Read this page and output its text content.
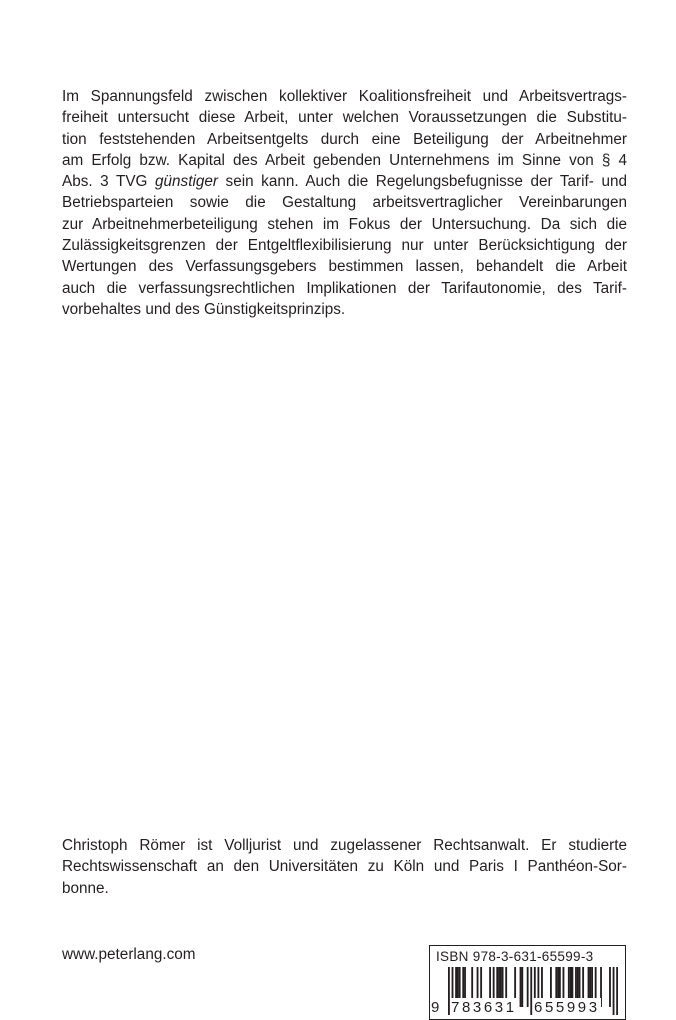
Im Spannungsfeld zwischen kollektiver Koalitionsfreiheit und Arbeitsvertrags-
freiheit untersucht diese Arbeit, unter welchen Voraussetzungen die Substitu-
tion feststehenden Arbeitsentgelts durch eine Beteiligung der Arbeitnehmer
am Erfolg bzw. Kapital des Arbeit gebenden Unternehmens im Sinne von § 4
Abs. 3 TVG günstiger sein kann. Auch die Regelungsbefugnisse der Tarif- und
Betriebsparteien sowie die Gestaltung arbeitsvertraglicher Vereinbarungen
zur Arbeitnehmerbeteiligung stehen im Fokus der Untersuchung. Da sich die
Zulässigkeitsgrenzen der Entgeltflexibilisierung nur unter Berücksichtigung der
Wertungen des Verfassungsgebers bestimmen lassen, behandelt die Arbeit
auch die verfassungsrechtlichen Implikationen der Tarifautonomie, des Tarif-
vorbehaltes und des Günstigkeitsprinzips.
Christoph Römer ist Volljurist und zugelassener Rechtsanwalt. Er studierte
Rechtswissenschaft an den Universitäten zu Köln und Paris I Panthéon-Sor-
bonne.
www.peterlang.com	ISBN 978-3-631-65599-3
9 783631 655993
